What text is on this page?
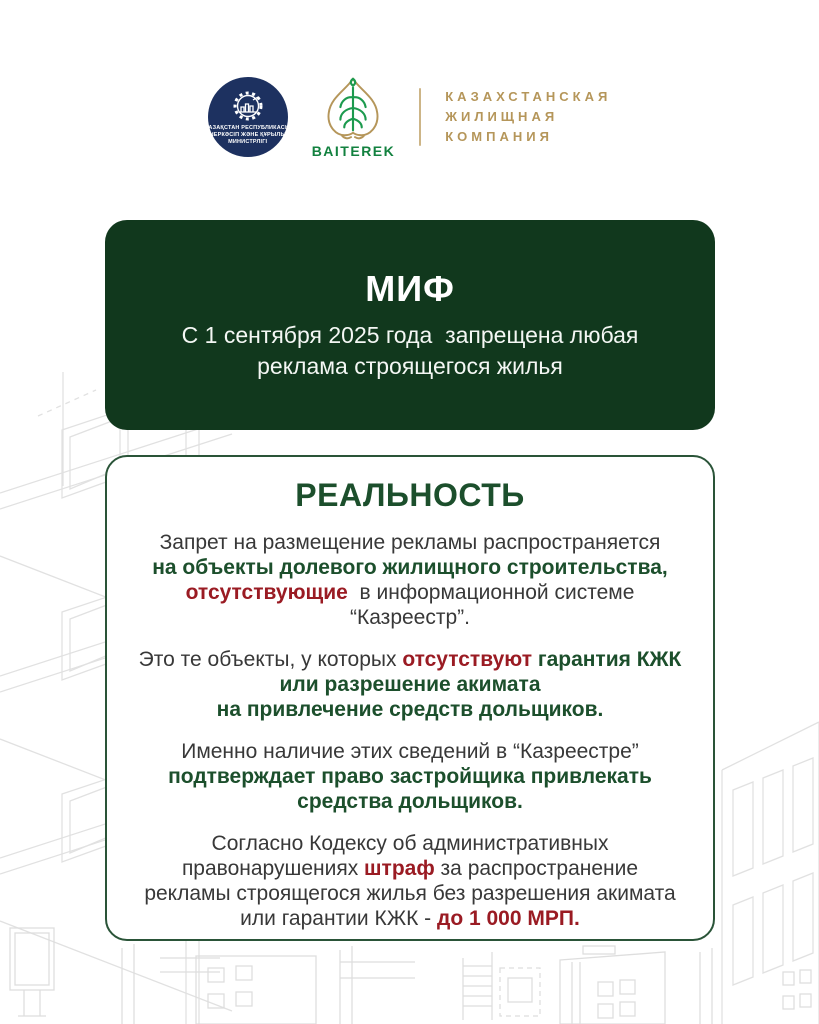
ҚАЗАҚСТАН РЕСПУБЛИКАСЫ
ӨНЕРКӘСІП ЖӘНЕ ҚҰРЫЛЫС
МИНИСТРЛІГІ
BAITEREK
КАЗАХСТАНСКАЯ
ЖИЛИЩНАЯ
КОМПАНИЯ
МИФ
С 1 сентября 2025 года  запрещена любая
реклама строящегося жилья
РЕАЛЬНОСТЬ
Запрет на размещение рекламы распространяется
на объекты долевого жилищного строительства,
отсутствующие  в информационной системе
“Казреестр”.
Это те объекты, у которых отсутствуют гарантия КЖК
или разрешение акимата
на привлечение средств дольщиков.
Именно наличие этих сведений в “Казреестре”
подтверждает право застройщика привлекать
средства дольщиков.
Согласно Кодексу об административных
правонарушениях штраф за распространение
рекламы строящегося жилья без разрешения акимата
или гарантии КЖК - до 1 000 МРП.
